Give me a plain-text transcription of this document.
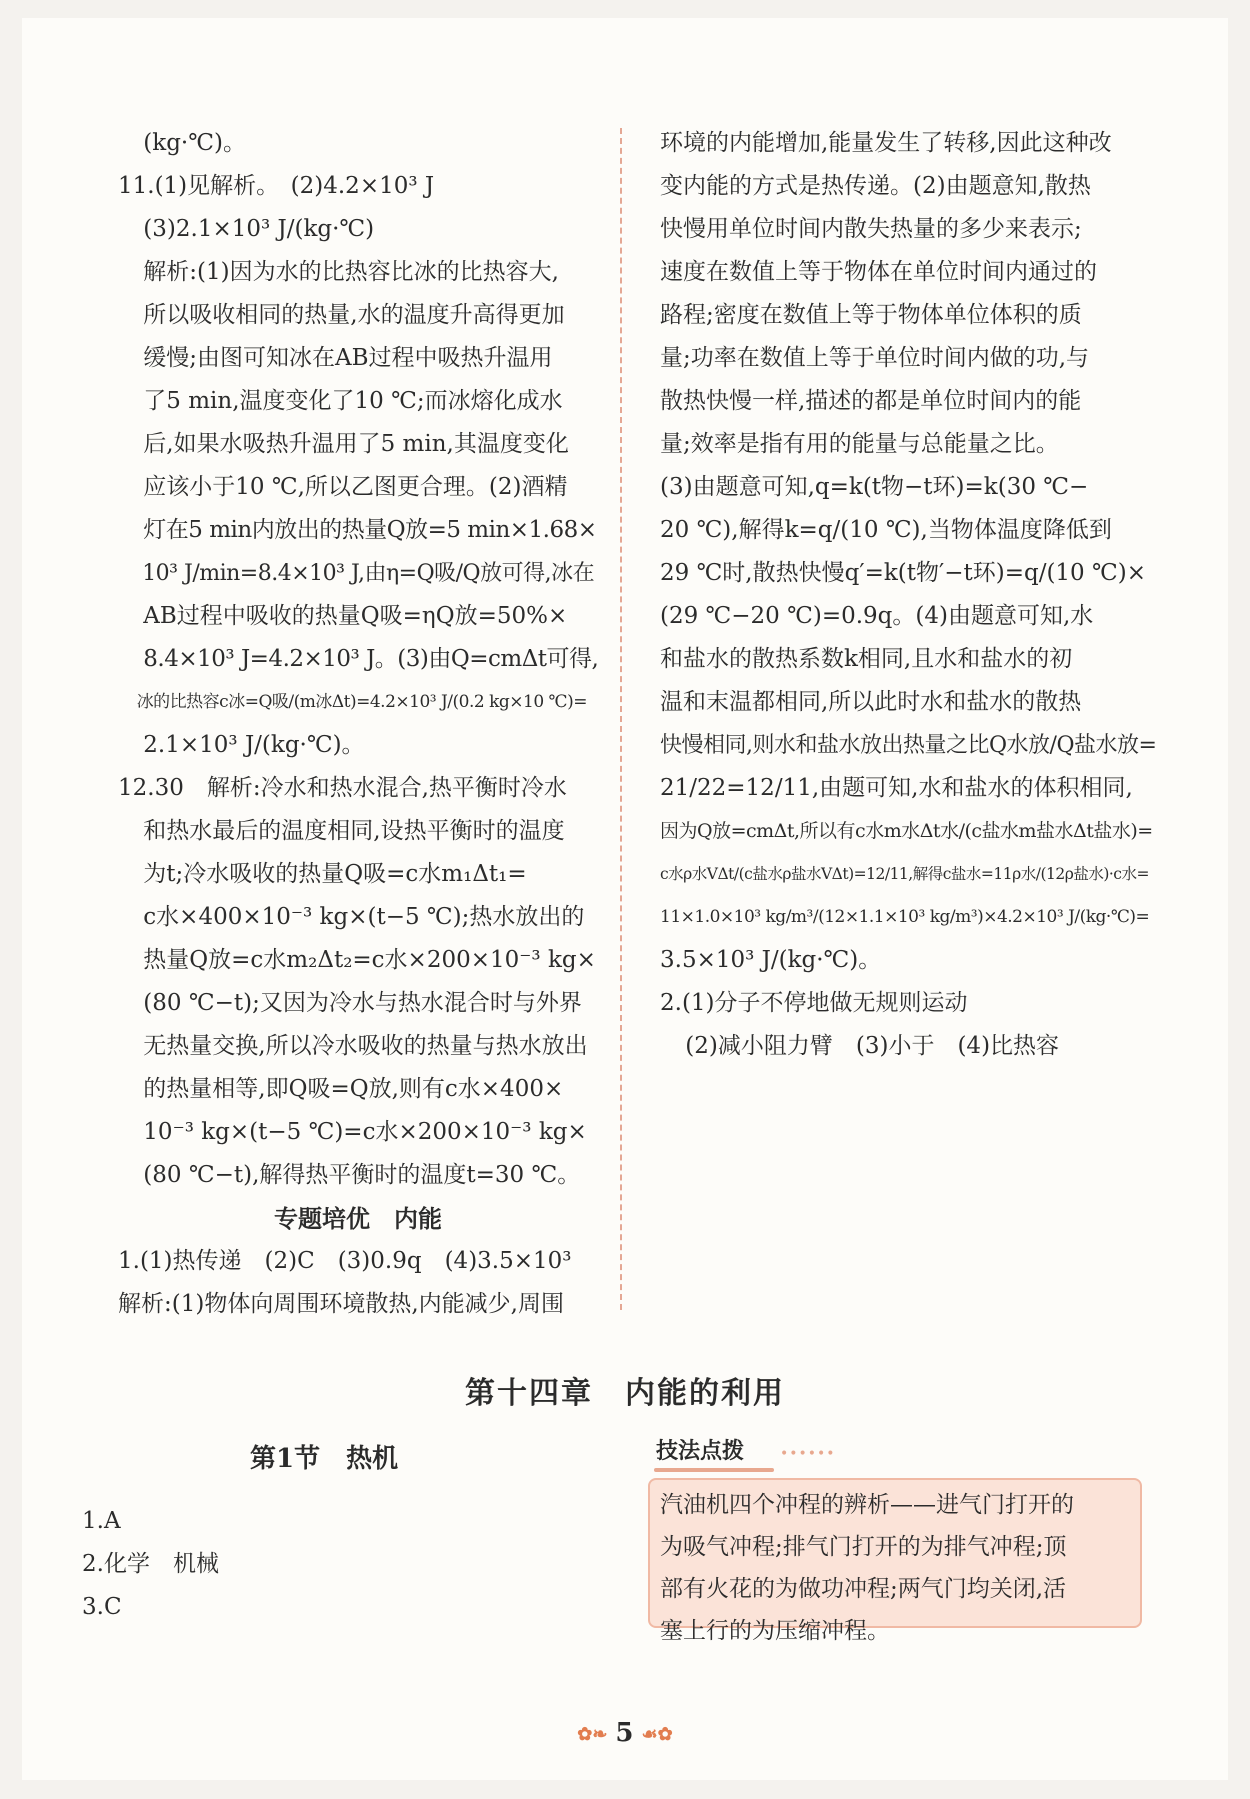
(kg·℃)。

11.(1)见解析。　(2)4.2×10³ J

(3)2.1×10³ J/(kg·℃)

解析:(1)因为水的比热容比冰的比热容大,

所以吸收相同的热量,水的温度升高得更加

缓慢;由图可知冰在AB过程中吸热升温用

了5 min,温度变化了10 ℃;而冰熔化成水

后,如果水吸热升温用了5 min,其温度变化

应该小于10 ℃,所以乙图更合理。(2)酒精

灯在5 min内放出的热量Q放=5 min×1.68×

10³ J/min=8.4×10³ J,由η=Q吸/Q放可得,冰在

AB过程中吸收的热量Q吸=ηQ放=50%×

8.4×10³ J=4.2×10³ J。(3)由Q=cmΔt可得,

冰的比热容c冰=Q吸/(m冰Δt)=4.2×10³ J/(0.2 kg×10 ℃)=

2.1×10³ J/(kg·℃)。

12.30　解析:冷水和热水混合,热平衡时冷水

和热水最后的温度相同,设热平衡时的温度

为t;冷水吸收的热量Q吸=c水m₁Δt₁=

c水×400×10⁻³ kg×(t−5 ℃);热水放出的

热量Q放=c水m₂Δt₂=c水×200×10⁻³ kg×

(80 ℃−t);又因为冷水与热水混合时与外界

无热量交换,所以冷水吸收的热量与热水放出

的热量相等,即Q吸=Q放,则有c水×400×

10⁻³ kg×(t−5 ℃)=c水×200×10⁻³ kg×

(80 ℃−t),解得热平衡时的温度t=30 ℃。

专题培优　内能

1.(1)热传递　(2)C　(3)0.9q　(4)3.5×10³

解析:(1)物体向周围环境散热,内能减少,周围

环境的内能增加,能量发生了转移,因此这种改

变内能的方式是热传递。(2)由题意知,散热

快慢用单位时间内散失热量的多少来表示;

速度在数值上等于物体在单位时间内通过的

路程;密度在数值上等于物体单位体积的质

量;功率在数值上等于单位时间内做的功,与

散热快慢一样,描述的都是单位时间内的能

量;效率是指有用的能量与总能量之比。

(3)由题意可知,q=k(t物−t环)=k(30 ℃−

20 ℃),解得k=q/(10 ℃),当物体温度降低到

29 ℃时,散热快慢q′=k(t物′−t环)=q/(10 ℃)×

(29 ℃−20 ℃)=0.9q。(4)由题意可知,水

和盐水的散热系数k相同,且水和盐水的初

温和末温都相同,所以此时水和盐水的散热

快慢相同,则水和盐水放出热量之比Q水放/Q盐水放=

21/22=12/11,由题可知,水和盐水的体积相同,

因为Q放=cmΔt,所以有c水m水Δt水/(c盐水m盐水Δt盐水)=

c水ρ水VΔt/(c盐水ρ盐水VΔt)=12/11,解得c盐水=11ρ水/(12ρ盐水)·c水=

11×1.0×10³ kg/m³/(12×1.1×10³ kg/m³)×4.2×10³ J/(kg·℃)=

3.5×10³ J/(kg·℃)。

2.(1)分子不停地做无规则运动

(2)减小阻力臂　(3)小于　(4)比热容

第十四章　内能的利用

第1节　热机

1.A

2.化学　机械

3.C

技法点拨	••••••

汽油机四个冲程的辨析——进气门打开的

为吸气冲程;排气门打开的为排气冲程;顶

部有火花的为做功冲程;两气门均关闭,活

塞上行的为压缩冲程。

✿❧ 5 ☙✿
